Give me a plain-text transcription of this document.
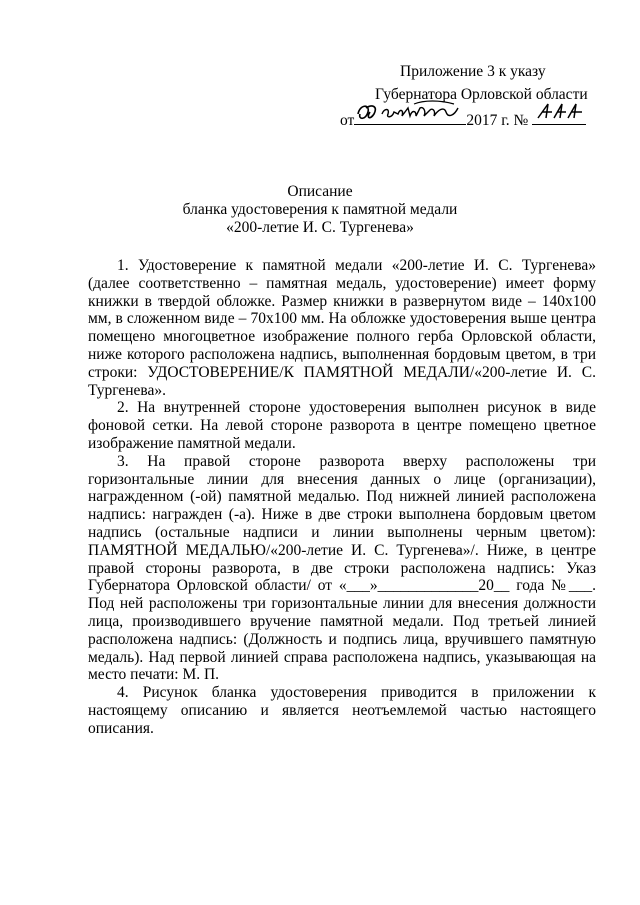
Приложение 3 к указу
Губернатора Орловской области
от	2017 г. №
Описание
бланка удостоверения к памятной медали
«200-летие И. С. Тургенева»

1. Удостоверение к памятной медали «200-летие И. С. Тургенева» (далее соответственно – памятная медаль, удостоверение) имеет форму книжки в твердой обложке. Размер книжки в развернутом виде – 140х100 мм, в сложенном виде – 70х100 мм. На обложке удостоверения выше центра помещено многоцветное изображение полного герба Орловской области, ниже которого расположена надпись, выполненная бордовым цветом, в три строки: УДОСТОВЕРЕНИЕ/К ПАМЯТНОЙ МЕДАЛИ/«200-летие И. С. Тургенева».

2. На внутренней стороне удостоверения выполнен рисунок в виде фоновой сетки. На левой стороне разворота в центре помещено цветное изображение памятной медали.

3. На правой стороне разворота вверху расположены три горизонтальные линии для внесения данных о лице (организации), награжденном (-ой) памятной медалью. Под нижней линией расположена надпись: награжден (-а). Ниже в две строки выполнена бордовым цветом надпись (остальные надписи и линии выполнены черным цветом): ПАМЯТНОЙ МЕДАЛЬЮ/«200-летие И. С. Тургенева»/. Ниже, в центре правой стороны разворота, в две строки расположена надпись: Указ Губернатора Орловской области/ от «___»_____________20__ года №___. Под ней расположены три горизонтальные линии для внесения должности лица, производившего вручение памятной медали. Под третьей линией расположена надпись: (Должность и подпись лица, вручившего памятную медаль). Над первой линией справа расположена надпись, указывающая на место печати: М. П.

4. Рисунок бланка удостоверения приводится в приложении к настоящему описанию и является неотъемлемой частью настоящего описания.
